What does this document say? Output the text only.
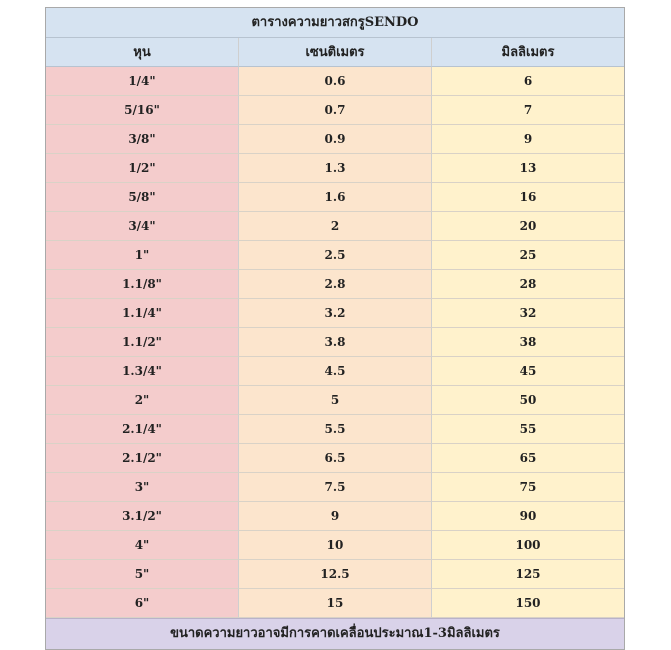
ตารางความยาวสกรูSENDO
หุน	เซนติเมตร	มิลลิเมตร
1/4"	0.6	6
5/16"	0.7	7
3/8"	0.9	9
1/2"	1.3	13
5/8"	1.6	16
3/4"	2	20
1"	2.5	25
1.1/8"	2.8	28
1.1/4"	3.2	32
1.1/2"	3.8	38
1.3/4"	4.5	45
2"	5	50
2.1/4"	5.5	55
2.1/2"	6.5	65
3"	7.5	75
3.1/2"	9	90
4"	10	100
5"	12.5	125
6"	15	150
ขนาดความยาวอาจมีการคาดเคลื่อนประมาณ1-3มิลลิเมตร
